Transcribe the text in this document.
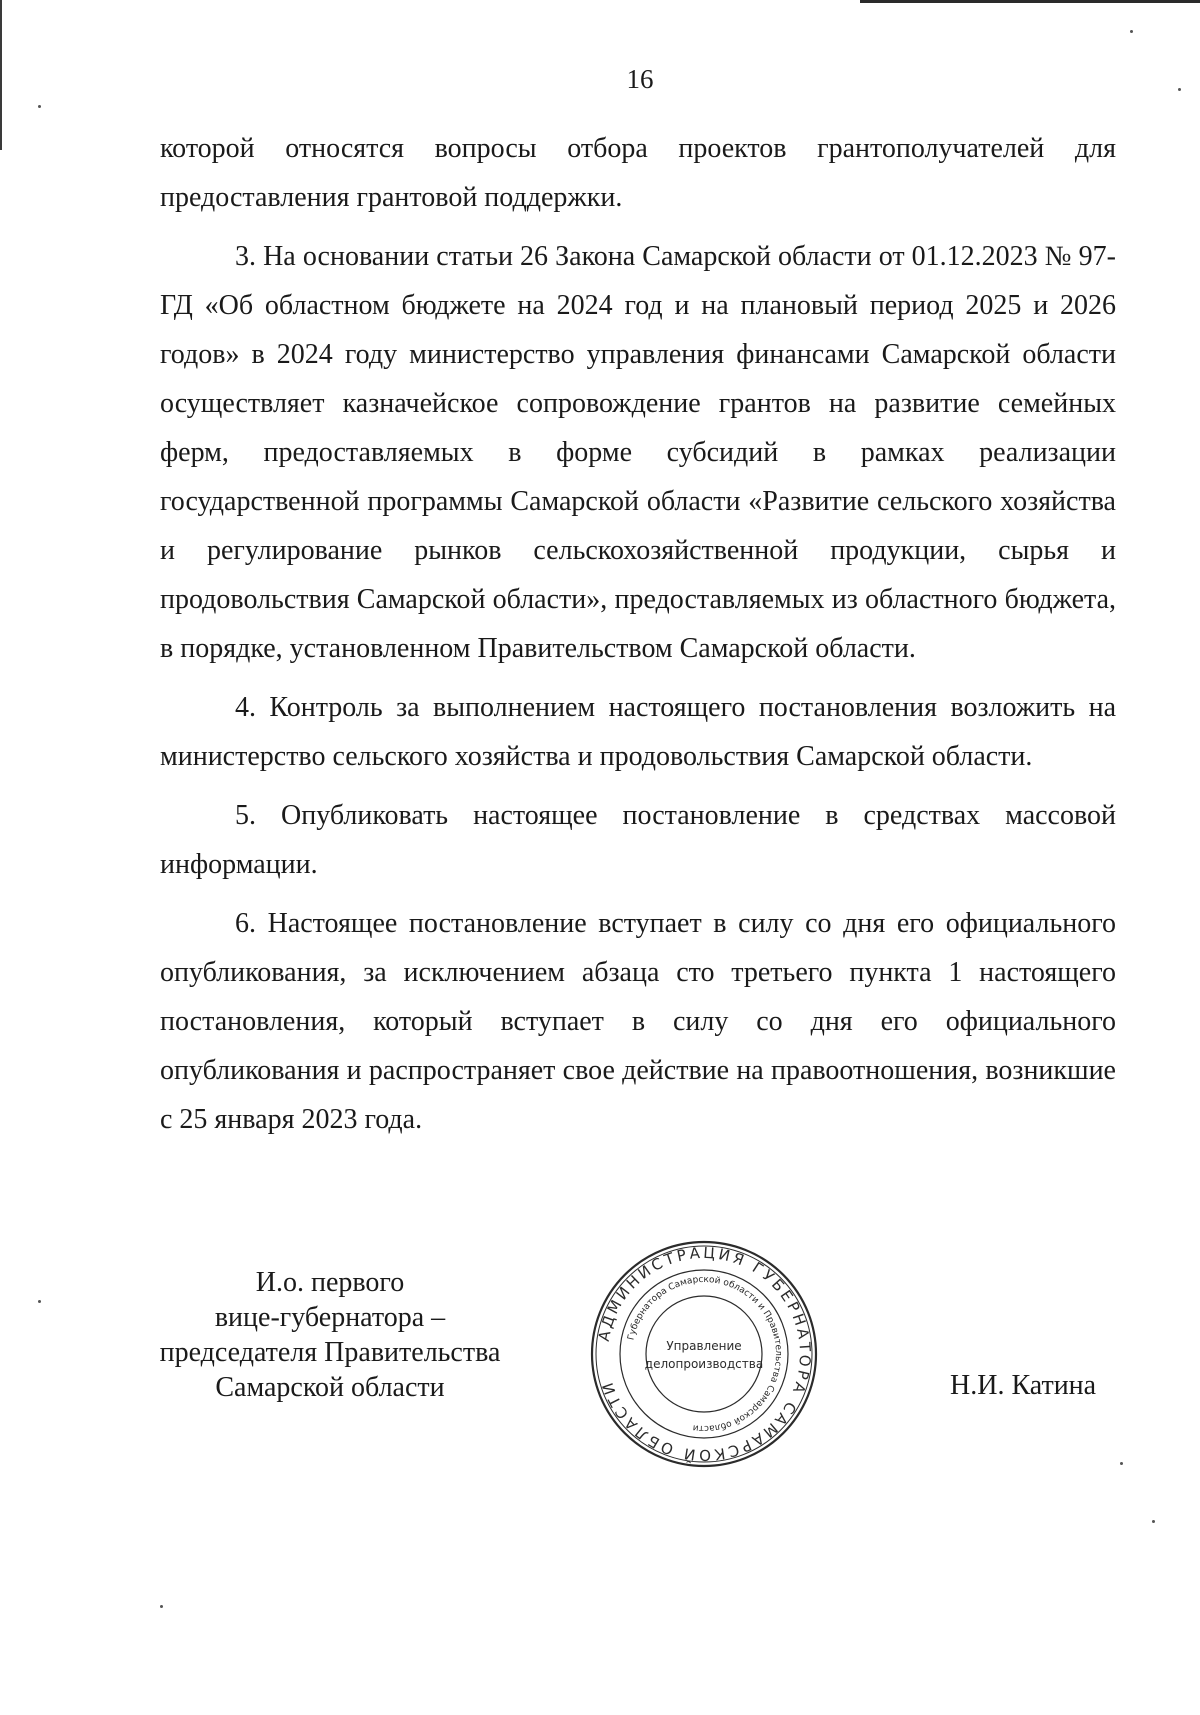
16

которой относятся вопросы отбора проектов грантополучателей для предоставления грантовой поддержки.

3. На основании статьи 26 Закона Самарской области от 01.12.2023 № 97-ГД «Об областном бюджете на 2024 год и на плановый период 2025 и 2026 годов» в 2024 году министерство управления финансами Самарской области осуществляет казначейское сопровождение грантов на развитие семейных ферм, предоставляемых в форме субсидий в рамках реализации государственной программы Самарской области «Развитие сельского хозяйства и регулирование рынков сельскохозяйственной продукции, сырья и продовольствия Самарской области», предоставляемых из областного бюджета, в порядке, установленном Правительством Самарской области.

4. Контроль за выполнением настоящего постановления возложить на министерство сельского хозяйства и продовольствия Самарской области.

5. Опубликовать настоящее постановление в средствах массовой информации.

6. Настоящее постановление вступает в силу со дня его официального опубликования, за исключением абзаца сто третьего пункта 1 настоящего постановления, который вступает в силу со дня его официального опубликования и распространяет свое действие на правоотношения, возникшие с 25 января 2023 года.

И.о. первого
вице-губернатора –
председателя Правительства
Самарской области	Н.И. Катина
АДМИНИСТРАЦИЯ ГУБЕРНАТОРА САМАРСКОЙ ОБЛАСТИ
Губернатора Самарской области и Правительства Самарской области
Управление
делопроизводства
